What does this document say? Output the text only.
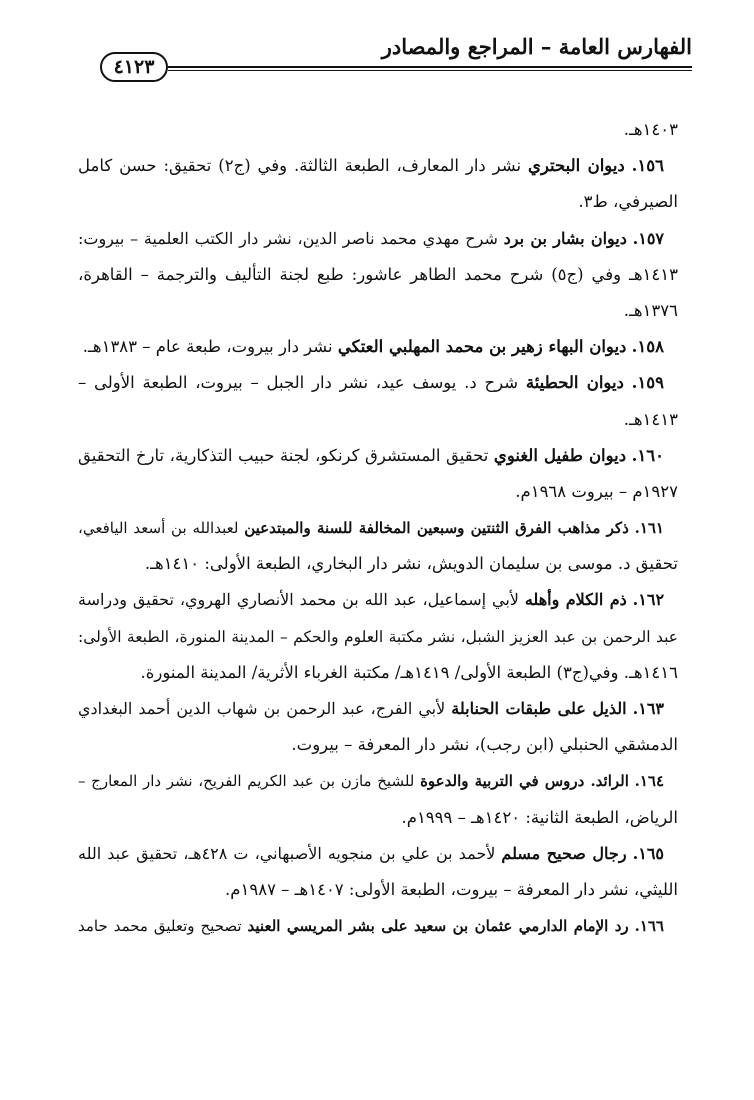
الفهارس العامة – المراجع والمصادر
٤١٢٣
١٤٠٣هـ.
١٥٦. ديوان البحتري نشر دار المعارف، الطبعة الثالثة. وفي (ج٢) تحقيق: حسن كامل
الصيرفي، ط٣.
١٥٧. ديوان بشار بن برد شرح مهدي محمد ناصر الدين، نشر دار الكتب العلمية – بيروت:
١٤١٣هـ وفي (ج٥) شرح محمد الطاهر عاشور: طبع لجنة التأليف والترجمة – القاهرة،
١٣٧٦هـ.
١٥٨. ديوان البهاء زهير بن محمد المهلبي العتكي نشر دار بيروت، طبعة عام – ١٣٨٣هـ.
١٥٩. ديوان الحطيئة شرح د. يوسف عيد، نشر دار الجبل – بيروت، الطبعة الأولى –
١٤١٣هـ.
١٦٠. ديوان طفيل الغنوي تحقيق المستشرق كرنكو، لجنة حبيب التذكارية، تارخ التحقيق
١٩٢٧م – بيروت ١٩٦٨م.
١٦١. ذكر مذاهب الفرق الثنتين وسبعين المخالفة للسنة والمبتدعين لعبدالله بن أسعد اليافعي،
تحقيق د. موسى بن سليمان الدويش، نشر دار البخاري، الطبعة الأولى: ١٤١٠هـ.
١٦٢. ذم الكلام وأهله لأبي إسماعيل، عبد الله بن محمد الأنصاري الهروي، تحقيق ودراسة
عبد الرحمن بن عبد العزيز الشبل، نشر مكتبة العلوم والحكم – المدينة المنورة، الطبعة الأولى:
١٤١٦هـ. وفي(ج٣) الطبعة الأولى/ ١٤١٩هـ/ مكتبة الغرباء الأثرية/ المدينة المنورة.
١٦٣. الذيل على طبقات الحنابلة لأبي الفرج، عبد الرحمن بن شهاب الدين أحمد البغدادي
الدمشقي الحنبلي (ابن رجب)، نشر دار المعرفة – بيروت.
١٦٤. الرائد. دروس في التربية والدعوة للشيخ مازن بن عبد الكريم الفريح، نشر دار المعارج –
الرياض، الطبعة الثانية: ١٤٢٠هـ – ١٩٩٩م.
١٦٥. رجال صحيح مسلم لأحمد بن علي بن منجويه الأصبهاني، ت ٤٢٨هـ، تحقيق عبد الله
الليثي، نشر دار المعرفة – بيروت، الطبعة الأولى: ١٤٠٧هـ – ١٩٨٧م.
١٦٦. رد الإمام الدارمي عثمان بن سعيد على بشر المريسي العنيد تصحيح وتعليق محمد حامد
